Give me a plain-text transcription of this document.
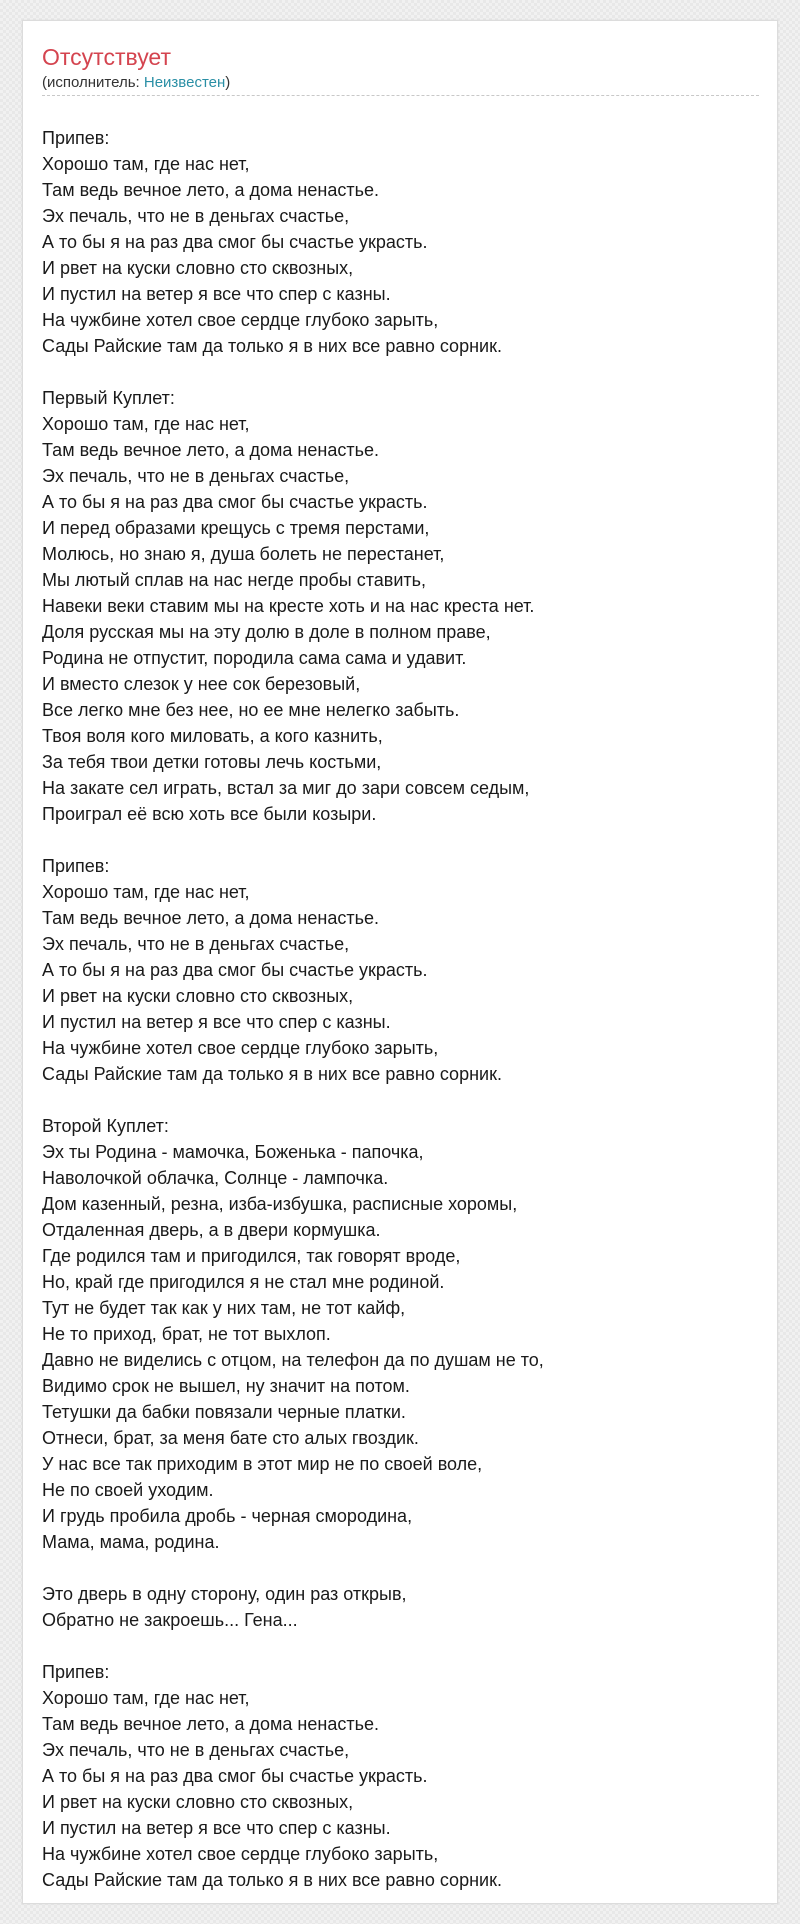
Отсутствует
(исполнитель: Неизвестен)
Припев:
Хорошо там, где нас нет,
Там ведь вечное лето, а дома ненастье.
Эх печаль, что не в деньгах счастье,
А то бы я на раз два смог бы счастье украсть.
И рвет на куски словно сто сквозных,
И пустил на ветер я все что спер с казны.
На чужбине хотел свое сердце глубоко зарыть,
Сады Райские там да только я в них все равно сорник.
Первый Куплет:
Хорошо там, где нас нет,
Там ведь вечное лето, а дома ненастье.
Эх печаль, что не в деньгах счастье,
А то бы я на раз два смог бы счастье украсть.
И перед образами крещусь с тремя перстами,
Молюсь, но знаю я, душа болеть не перестанет,
Мы лютый сплав на нас негде пробы ставить,
Навеки веки ставим мы на кресте хоть и на нас креста нет.
Доля русская мы на эту долю в доле в полном праве,
Родина не отпустит, породила сама сама и удавит.
И вместо слезок у нее сок березовый,
Все легко мне без нее, но ее мне нелегко забыть.
Твоя воля кого миловать, а кого казнить,
За тебя твои детки готовы лечь костьми,
На закате сел играть, встал за миг до зари совсем седым,
Проиграл её всю хоть все были козыри.
Припев:
Хорошо там, где нас нет,
Там ведь вечное лето, а дома ненастье.
Эх печаль, что не в деньгах счастье,
А то бы я на раз два смог бы счастье украсть.
И рвет на куски словно сто сквозных,
И пустил на ветер я все что спер с казны.
На чужбине хотел свое сердце глубоко зарыть,
Сады Райские там да только я в них все равно сорник.
Второй Куплет:
Эх ты Родина - мамочка, Боженька - папочка,
Наволочкой облачка, Солнце - лампочка.
Дом казенный, резна, изба-избушка, расписные хоромы,
Отдаленная дверь, а в двери кормушка.
Где родился там и пригодился, так говорят вроде,
Но, край где пригодился я не стал мне родиной.
Тут не будет так как у них там, не тот кайф,
Не то приход, брат, не тот выхлоп.
Давно не виделись с отцом, на телефон да по душам не то,
Видимо срок не вышел, ну значит на потом.
Тетушки да бабки повязали черные платки.
Отнеси, брат, за меня бате сто алых гвоздик.
У нас все так приходим в этот мир не по своей воле,
Не по своей уходим.
И грудь пробила дробь - черная смородина,
Мама, мама, родина.
Это дверь в одну сторону, один раз открыв,
Обратно не закроешь... Гена...
Припев:
Хорошо там, где нас нет,
Там ведь вечное лето, а дома ненастье.
Эх печаль, что не в деньгах счастье,
А то бы я на раз два смог бы счастье украсть.
И рвет на куски словно сто сквозных,
И пустил на ветер я все что спер с казны.
На чужбине хотел свое сердце глубоко зарыть,
Сады Райские там да только я в них все равно сорник.
